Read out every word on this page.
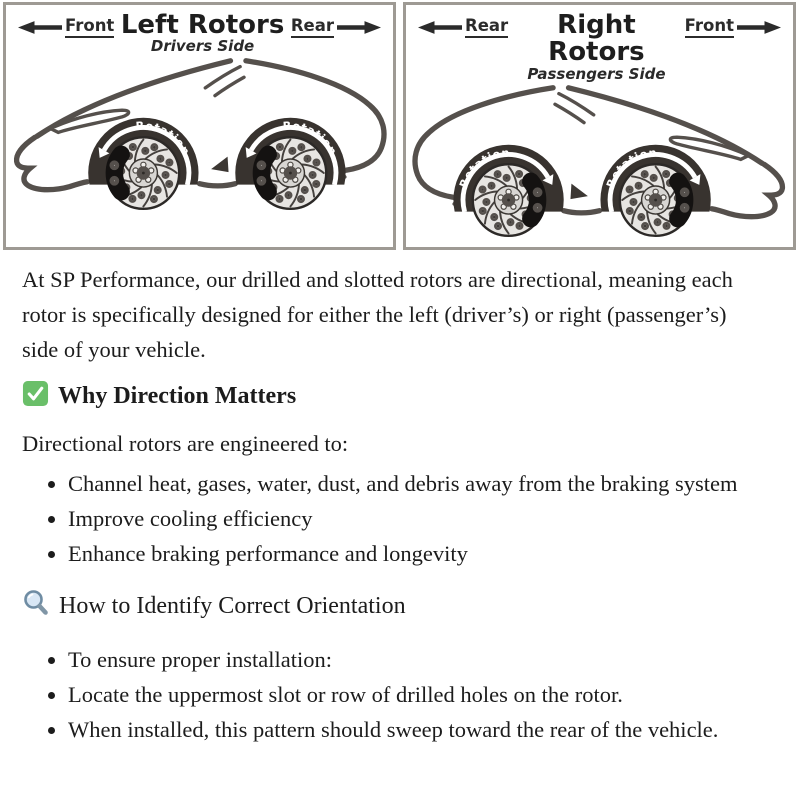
Front Left Rotors
Drivers Side
Rear
Rotation
Rotation
Rear	Right Rotors
Passengers Side
Front
Rotation
Rotation

At SP Performance, our drilled and slotted rotors are directional, meaning each rotor is specifically designed for either the left (driver’s) or right (passenger’s) side of your vehicle.

Why Direction Matters

Directional rotors are engineered to:

• Channel heat, gases, water, dust, and debris away from the braking system
• Improve cooling efficiency
• Enhance braking performance and longevity
How to Identify Correct Orientation
• To ensure proper installation:
• Locate the uppermost slot or row of drilled holes on the rotor.
• When installed, this pattern should sweep toward the rear of the vehicle.
